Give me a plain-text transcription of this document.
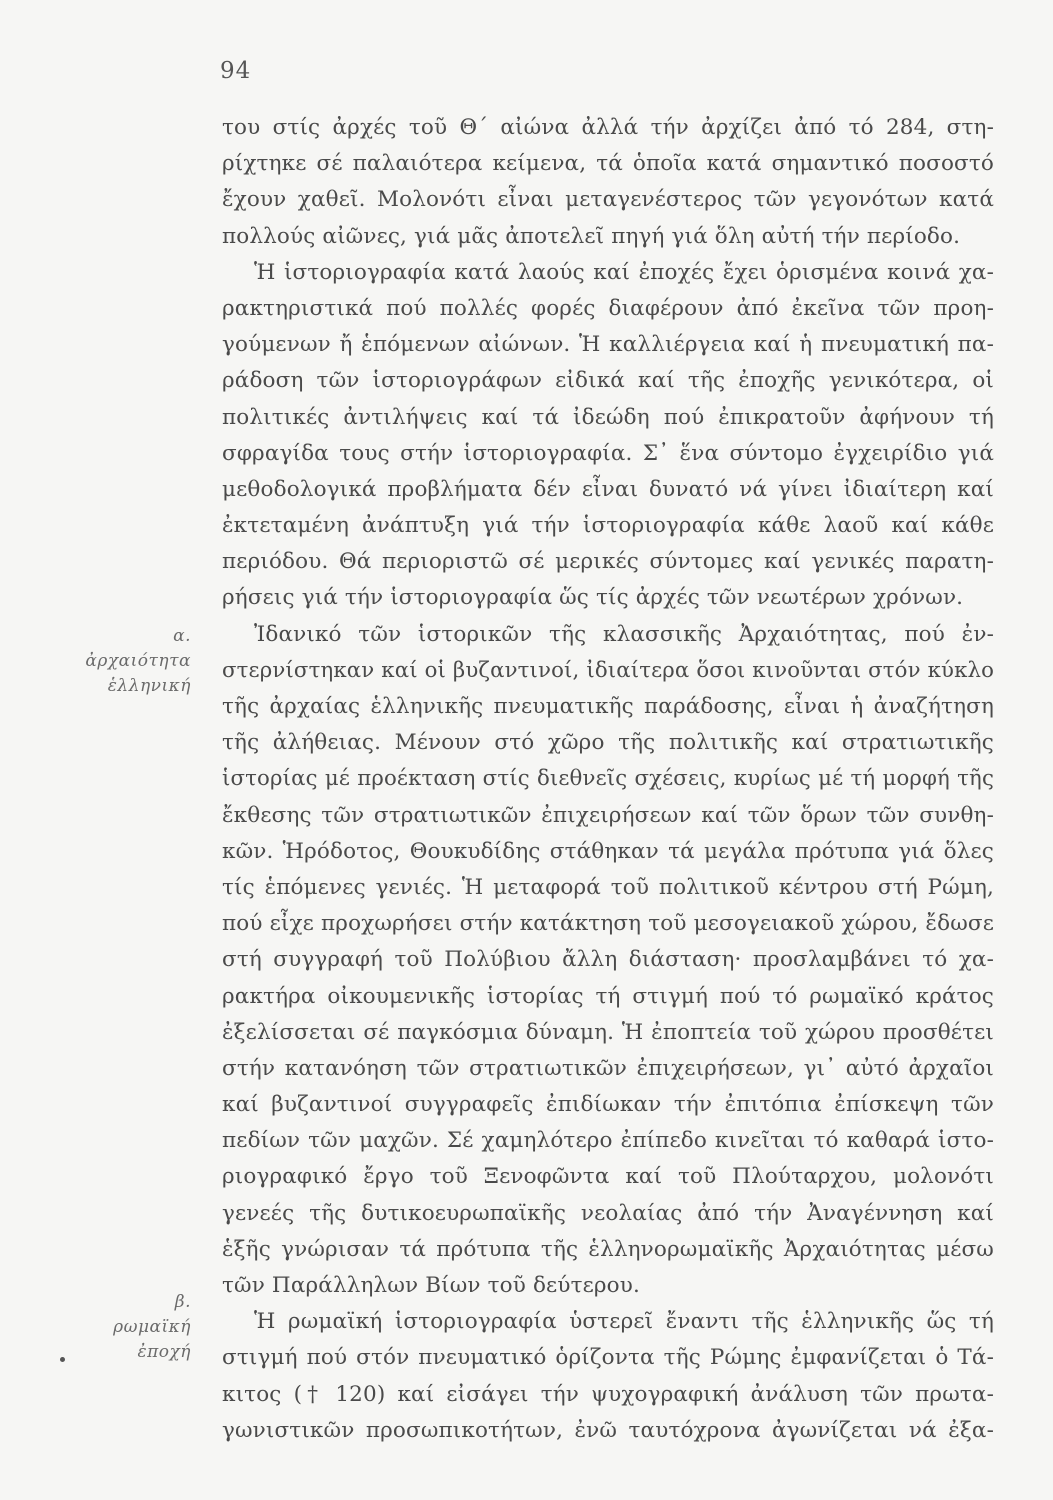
94
α.
ἀρχαιότητα
ἑλληνική
β.
ρωμαϊκή
ἐποχή
του στίς ἀρχές τοῦ Θ΄ αἰώνα ἀλλά τήν ἀρχίζει ἀπό τό 284, στη-
ρίχτηκε σέ παλαιότερα κείμενα, τά ὁποῖα κατά σημαντικό ποσοστό
ἔχουν χαθεῖ. Μολονότι εἶναι μεταγενέστερος τῶν γεγονότων κατά
πολλούς αἰῶνες, γιά μᾶς ἀποτελεῖ πηγή γιά ὅλη αὐτή τήν περίοδο.
Ἡ ἱστοριογραφία κατά λαούς καί ἐποχές ἔχει ὁρισμένα κοινά χα-
ρακτηριστικά πού πολλές φορές διαφέρουν ἀπό ἐκεῖνα τῶν προη-
γούμενων ἤ ἑπόμενων αἰώνων. Ἡ καλλιέργεια καί ἡ πνευματική πα-
ράδοση τῶν ἱστοριογράφων εἰδικά καί τῆς ἐποχῆς γενικότερα, οἱ
πολιτικές ἀντιλήψεις καί τά ἰδεώδη πού ἐπικρατοῦν ἀφήνουν τή
σφραγίδα τους στήν ἱστοριογραφία. Σ᾽ ἕνα σύντομο ἐγχειρίδιο γιά
μεθοδολογικά προβλήματα δέν εἶναι δυνατό νά γίνει ἰδιαίτερη καί
ἐκτεταμένη ἀνάπτυξη γιά τήν ἱστοριογραφία κάθε λαοῦ καί κάθε
περιόδου. Θά περιοριστῶ σέ μερικές σύντομες καί γενικές παρατη-
ρήσεις γιά τήν ἱστοριογραφία ὥς τίς ἀρχές τῶν νεωτέρων χρόνων.
Ἰδανικό τῶν ἱστορικῶν τῆς κλασσικῆς Ἀρχαιότητας, πού ἐν-
στερνίστηκαν καί οἱ βυζαντινοί, ἰδιαίτερα ὅσοι κινοῦνται στόν κύκλο
τῆς ἀρχαίας ἑλληνικῆς πνευματικῆς παράδοσης, εἶναι ἡ ἀναζήτηση
τῆς ἀλήθειας. Μένουν στό χῶρο τῆς πολιτικῆς καί στρατιωτικῆς
ἱστορίας μέ προέκταση στίς διεθνεῖς σχέσεις, κυρίως μέ τή μορφή τῆς
ἔκθεσης τῶν στρατιωτικῶν ἐπιχειρήσεων καί τῶν ὅρων τῶν συνθη-
κῶν. Ἡρόδοτος, Θουκυδίδης στάθηκαν τά μεγάλα πρότυπα γιά ὅλες
τίς ἑπόμενες γενιές. Ἡ μεταφορά τοῦ πολιτικοῦ κέντρου στή Ρώμη,
πού εἶχε προχωρήσει στήν κατάκτηση τοῦ μεσογειακοῦ χώρου, ἔδωσε
στή συγγραφή τοῦ Πολύβιου ἄλλη διάσταση· προσλαμβάνει τό χα-
ρακτήρα οἰκουμενικῆς ἱστορίας τή στιγμή πού τό ρωμαϊκό κράτος
ἐξελίσσεται σέ παγκόσμια δύναμη. Ἡ ἐποπτεία τοῦ χώρου προσθέτει
στήν κατανόηση τῶν στρατιωτικῶν ἐπιχειρήσεων, γι᾽ αὐτό ἀρχαῖοι
καί βυζαντινοί συγγραφεῖς ἐπιδίωκαν τήν ἐπιτόπια ἐπίσκεψη τῶν
πεδίων τῶν μαχῶν. Σέ χαμηλότερο ἐπίπεδο κινεῖται τό καθαρά ἱστο-
ριογραφικό ἔργο τοῦ Ξενοφῶντα καί τοῦ Πλούταρχου, μολονότι
γενεές τῆς δυτικοευρωπαϊκῆς νεολαίας ἀπό τήν Ἀναγέννηση καί
ἑξῆς γνώρισαν τά πρότυπα τῆς ἑλληνορωμαϊκῆς Ἀρχαιότητας μέσω
τῶν Παράλληλων Βίων τοῦ δεύτερου.
Ἡ ρωμαϊκή ἱστοριογραφία ὑστερεῖ ἔναντι τῆς ἑλληνικῆς ὥς τή
στιγμή πού στόν πνευματικό ὁρίζοντα τῆς Ρώμης ἐμφανίζεται ὁ Τά-
κιτος († 120) καί εἰσάγει τήν ψυχογραφική ἀνάλυση τῶν πρωτα-
γωνιστικῶν προσωπικοτήτων, ἐνῶ ταυτόχρονα ἀγωνίζεται νά ἐξα-
